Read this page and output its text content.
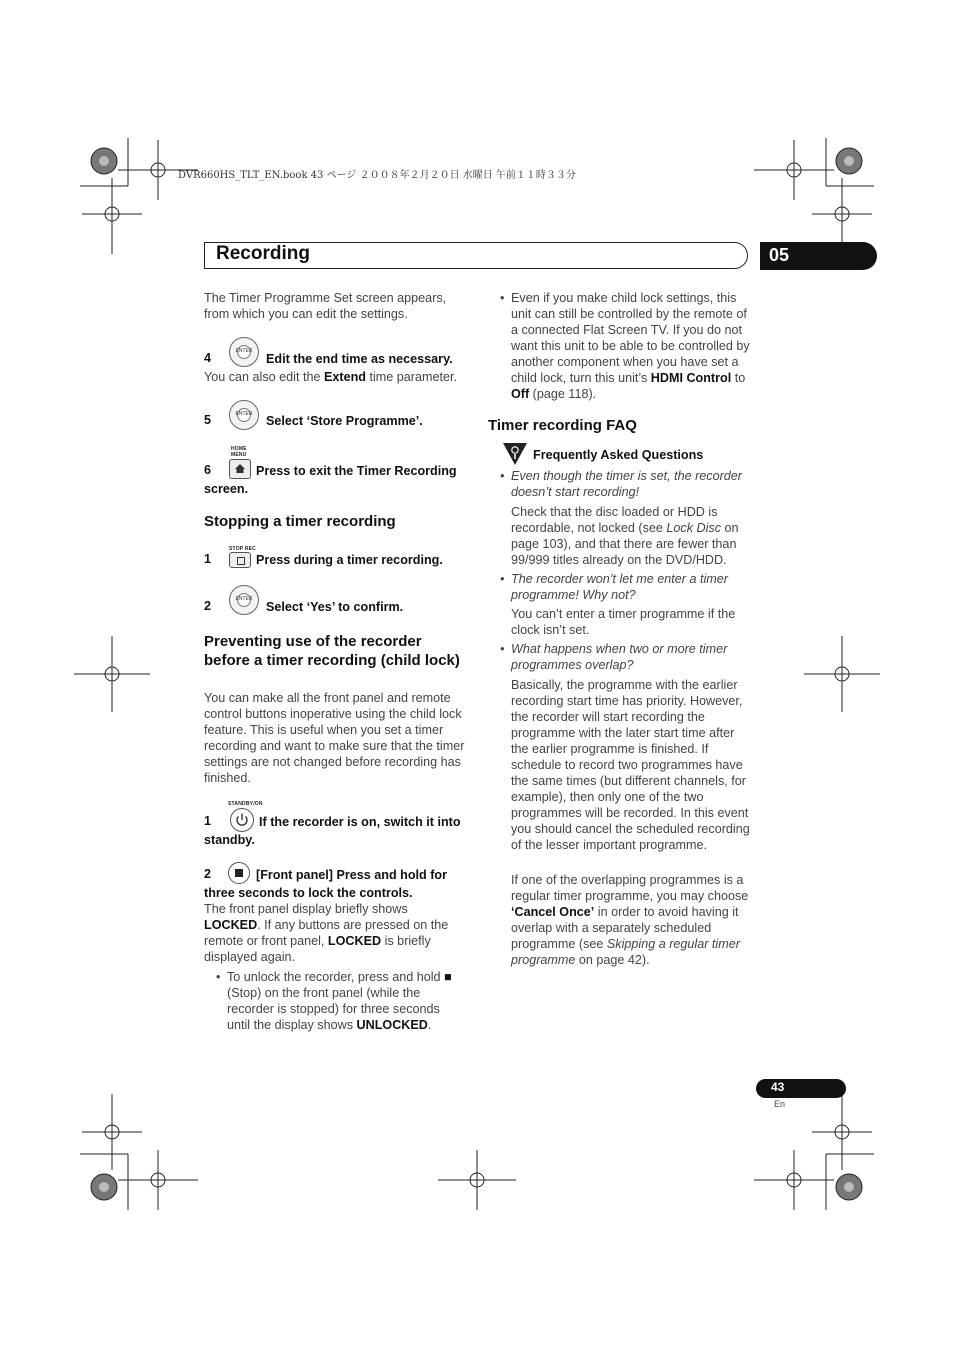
DVR660HS_TLT_EN.book 43 ページ ２００８年２月２０日 水曜日 午前１１時３３分
Recording	05
The Timer Programme Set screen appears, from which you can edit the settings.
4	ENTER
Edit the end time as necessary.
You can also edit the Extend time parameter.
5	ENTER	Select ‘Store Programme’.
HOME MENU
6	Press to exit the Timer Recording screen.
Stopping a timer recording
STOP REC
1	Press during a timer recording.
2	ENTER
Select ‘Yes’ to confirm.
Preventing use of the recorder before a timer recording (child lock)
You can make all the front panel and remote control buttons inoperative using the child lock feature. This is useful when you set a timer recording and want to make sure that the timer settings are not changed before recording has finished.
STANDBY/ON
1	If the recorder is on, switch it into standby.
2	[Front panel] Press and hold for three seconds to lock the controls.
The front panel display briefly shows LOCKED. If any buttons are pressed on the remote or front panel, LOCKED is briefly displayed again.
• To unlock the recorder, press and hold ■ (Stop) on the front panel (while the recorder is stopped) for three seconds until the display shows UNLOCKED.
• Even if you make child lock settings, this unit can still be controlled by the remote of a connected Flat Screen TV. If you do not want this unit to be able to be controlled by another component when you have set a child lock, turn this unit’s HDMI Control to Off (page 118).
Timer recording FAQ
Frequently Asked Questions
• Even though the timer is set, the recorder doesn’t start recording!
Check that the disc loaded or HDD is recordable, not locked (see Lock Disc on page 103), and that there are fewer than 99/999 titles already on the DVD/HDD.
• The recorder won’t let me enter a timer programme! Why not?
You can’t enter a timer programme if the clock isn’t set.
• What happens when two or more timer programmes overlap?
Basically, the programme with the earlier recording start time has priority. However, the recorder will start recording the programme with the later start time after the earlier programme is finished. If schedule to record two programmes have the same times (but different channels, for example), then only one of the two programmes will be recorded. In this event you should cancel the scheduled recording of the lesser important programme.
If one of the overlapping programmes is a regular timer programme, you may choose ‘Cancel Once’ in order to avoid having it overlap with a separately scheduled programme (see Skipping a regular timer programme on page 42).
43
En
